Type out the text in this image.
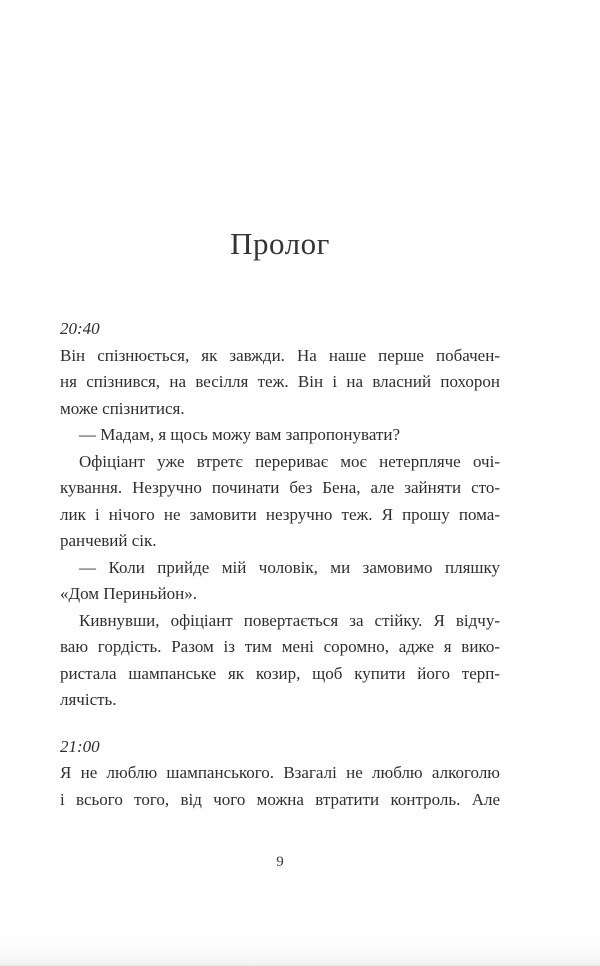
Пролог
20:40

Він спізнюється, як завжди. На наше перше побачен-
ня спізнився, на весілля теж. Він і на власний похорон
може спізнитися.

— Мадам, я щось можу вам запропонувати?

Офіціант уже втретє перериває моє нетерпляче очі-
кування. Незручно починати без Бена, але зайняти сто-
лик і нічого не замовити незручно теж. Я прошу пома-
ранчевий сік.

— Коли прийде мій чоловік, ми замовимо пляшку
«Дом Периньйон».

Кивнувши, офіціант повертається за стійку. Я відчу-
ваю гордість. Разом із тим мені соромно, адже я вико-
ристала шампанське як козир, щоб купити його терп-
лячість.

21:00

Я не люблю шампанського. Взагалі не люблю алкоголю
і всього того, від чого можна втратити контроль. Але

9
